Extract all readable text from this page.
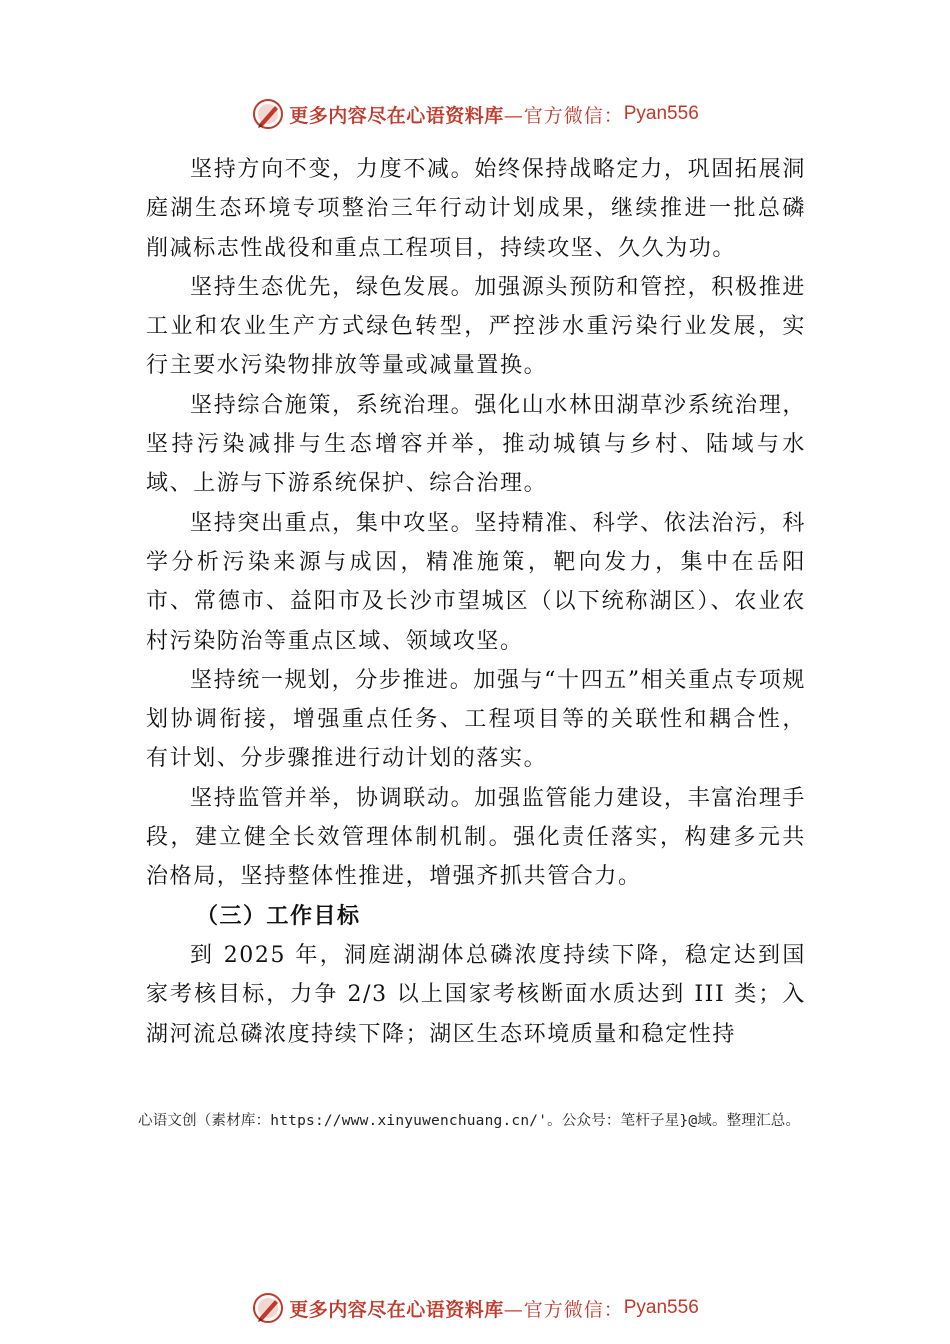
更多内容尽在心语资料库 —官方微信： Pyan556

坚持方向不变，力度不减。始终保持战略定力，巩固拓展洞庭湖生态环境专项整治三年行动计划成果，继续推进一批总磷削减标志性战役和重点工程项目，持续攻坚、久久为功。

坚持生态优先，绿色发展。加强源头预防和管控，积极推进工业和农业生产方式绿色转型，严控涉水重污染行业发展，实行主要水污染物排放等量或减量置换。

坚持综合施策，系统治理。强化山水林田湖草沙系统治理，坚持污染减排与生态增容并举，推动城镇与乡村、陆域与水域、上游与下游系统保护、综合治理。

坚持突出重点，集中攻坚。坚持精准、科学、依法治污，科学分析污染来源与成因，精准施策，靶向发力，集中在岳阳市、常德市、益阳市及长沙市望城区（以下统称湖区）、农业农村污染防治等重点区域、领域攻坚。

坚持统一规划，分步推进。加强与“十四五”相关重点专项规划协调衔接，增强重点任务、工程项目等的关联性和耦合性，有计划、分步骤推进行动计划的落实。

坚持监管并举，协调联动。加强监管能力建设，丰富治理手段，建立健全长效管理体制机制。强化责任落实，构建多元共治格局，坚持整体性推进，增强齐抓共管合力。

（三）工作目标

到 2025 年，洞庭湖湖体总磷浓度持续下降，稳定达到国家考核目标，力争 2/3 以上国家考核断面水质达到 III 类；入湖河流总磷浓度持续下降；湖区生态环境质量和稳定性持

心语文创（素材库：https://www.xinyuwenchuang.cn/'。公众号：笔杆子星}@域。整理汇总。
更多内容尽在心语资料库 —官方微信： Pyan556
